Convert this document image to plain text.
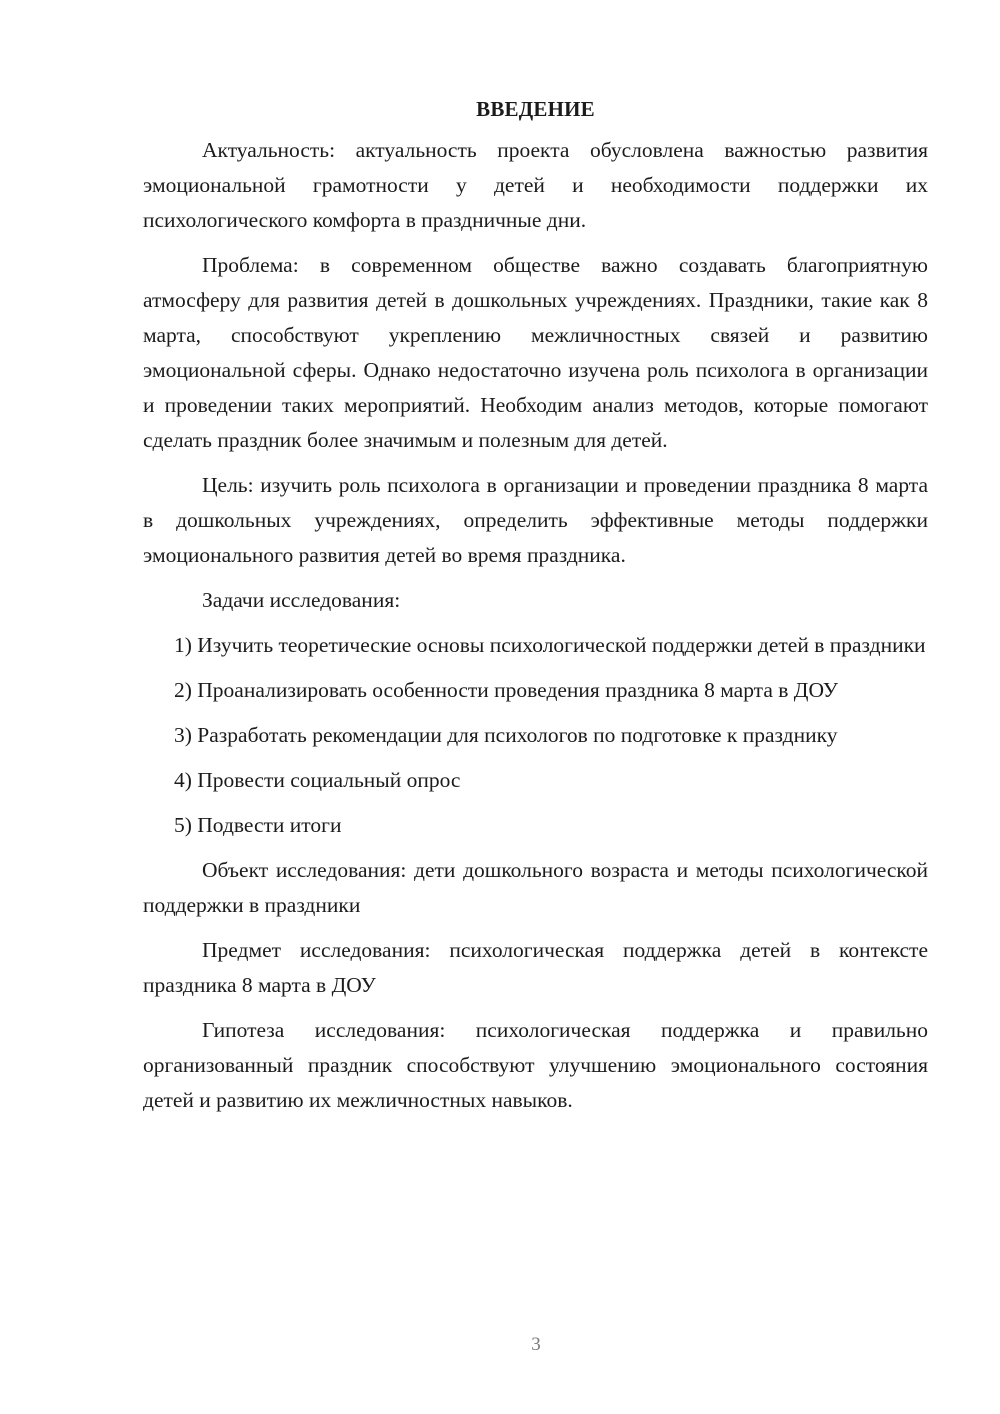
ВВЕДЕНИЕ

Актуальность: актуальность проекта обусловлена важностью развития эмоциональной грамотности у детей и необходимости поддержки их психологического комфорта в праздничные дни.

Проблема: в современном обществе важно создавать благоприятную атмосферу для развития детей в дошкольных учреждениях. Праздники, такие как 8 марта, способствуют укреплению межличностных связей и развитию эмоциональной сферы. Однако недостаточно изучена роль психолога в организации и проведении таких мероприятий. Необходим анализ методов, которые помогают сделать праздник более значимым и полезным для детей.

Цель: изучить роль психолога в организации и проведении праздника 8 марта в дошкольных учреждениях, определить эффективные методы поддержки эмоционального развития детей во время праздника.

Задачи исследования:

1) Изучить теоретические основы психологической поддержки детей в праздники

2) Проанализировать особенности проведения праздника 8 марта в ДОУ

3) Разработать рекомендации для психологов по подготовке к празднику

4) Провести социальный опрос

5) Подвести итоги

Объект исследования: дети дошкольного возраста и методы психологической поддержки в праздники

Предмет исследования: психологическая поддержка детей в контексте праздника 8 марта в ДОУ

Гипотеза исследования: психологическая поддержка и правильно организованный праздник способствуют улучшению эмоционального состояния детей и развитию их межличностных навыков.

3
